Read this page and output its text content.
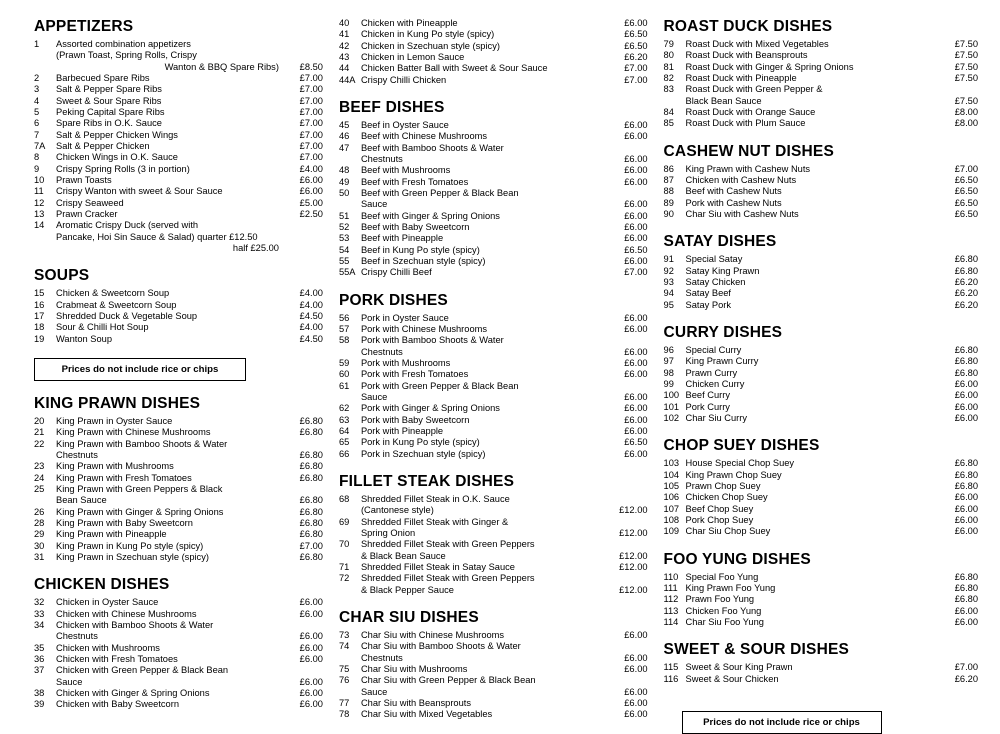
APPETIZERS
1	Assorted combination appetizers	
	(Prawn Toast, Spring Rolls, Crispy	
	Wanton & BBQ Spare Ribs)	£8.50
2	Barbecued Spare Ribs	£7.00
3	Salt & Pepper Spare Ribs	£7.00
4	Sweet & Sour Spare Ribs	£7.00
5	Peking Capital Spare Ribs	£7.00
6	Spare Ribs in O.K. Sauce	£7.00
7	Salt & Pepper Chicken Wings	£7.00
7A	Salt & Pepper Chicken	£7.00
8	Chicken Wings in O.K. Sauce	£7.00
9	Crispy Spring Rolls (3 in portion)	£4.00
10	Prawn Toasts	£6.00
11	Crispy Wanton with sweet & Sour Sauce	£6.00
12	Crispy Seaweed	£5.00
13	Prawn Cracker	£2.50
14	Aromatic Crispy Duck (served with	
	Pancake, Hoi Sin Sauce & Salad) quarter £12.50	
	half £25.00	
SOUPS
15	Chicken & Sweetcorn Soup	£4.00
16	Crabmeat & Sweetcorn Soup	£4.00
17	Shredded Duck & Vegetable Soup	£4.50
18	Sour & Chilli Hot Soup	£4.00
19	Wanton Soup	£4.50
Prices do not include rice or chips
KING PRAWN DISHES
20	King Prawn in Oyster Sauce	£6.80
21	King Prawn with Chinese Mushrooms	£6.80
22	King Prawn with Bamboo Shoots & Water	
	Chestnuts	£6.80
23	King Prawn with Mushrooms	£6.80
24	King Prawn with Fresh Tomatoes	£6.80
25	King Prawn with Green Peppers & Black	
	Bean Sauce	£6.80
26	King Prawn with Ginger & Spring Onions	£6.80
28	King Prawn with Baby Sweetcorn	£6.80
29	King Prawn with Pineapple	£6.80
30	King Prawn in Kung Po style (spicy)	£7.00
31	King Prawn in Szechuan style (spicy)	£6.80
CHICKEN DISHES
32	Chicken in Oyster Sauce	£6.00
33	Chicken with Chinese Mushrooms	£6.00
34	Chicken with Bamboo Shoots & Water	
	Chestnuts	£6.00
35	Chicken with Mushrooms	£6.00
36	Chicken with Fresh Tomatoes	£6.00
37	Chicken with Green Pepper & Black Bean	
	Sauce	£6.00
38	Chicken with Ginger & Spring Onions	£6.00
39	Chicken with Baby Sweetcorn	£6.00
40	Chicken with Pineapple	£6.00
41	Chicken in Kung Po style (spicy)	£6.50
42	Chicken in Szechuan style (spicy)	£6.50
43	Chicken in Lemon Sauce	£6.20
44	Chicken Batter Ball with Sweet & Sour Sauce	£7.00
44A	Crispy Chilli Chicken	£7.00
BEEF DISHES
45	Beef in Oyster Sauce	£6.00
46	Beef with Chinese Mushrooms	£6.00
47	Beef with Bamboo Shoots & Water	
	Chestnuts	£6.00
48	Beef with Mushrooms	£6.00
49	Beef with Fresh Tomatoes	£6.00
50	Beef with Green Pepper & Black Bean	
	Sauce	£6.00
51	Beef with Ginger & Spring Onions	£6.00
52	Beef with Baby Sweetcorn	£6.00
53	Beef with Pineapple	£6.00
54	Beef in Kung Po style (spicy)	£6.50
55	Beef in Szechuan style (spicy)	£6.00
55A	Crispy Chilli Beef	£7.00
PORK DISHES
56	Pork in Oyster Sauce	£6.00
57	Pork with Chinese Mushrooms	£6.00
58	Pork with Bamboo Shoots & Water	
	Chestnuts	£6.00
59	Pork with Mushrooms	£6.00
60	Pork with Fresh Tomatoes	£6.00
61	Pork with Green Pepper & Black Bean	
	Sauce	£6.00
62	Pork with Ginger & Spring Onions	£6.00
63	Pork with Baby Sweetcorn	£6.00
64	Pork with Pineapple	£6.00
65	Pork in Kung Po style (spicy)	£6.50
66	Pork in Szechuan style (spicy)	£6.00
FILLET STEAK DISHES
68	Shredded Fillet Steak in O.K. Sauce	
	(Cantonese style)	£12.00
69	Shredded Fillet Steak with Ginger &	
	Spring Onion	£12.00
70	Shredded Fillet Steak with Green Peppers	
	& Black Bean Sauce	£12.00
71	Shredded Fillet Steak in Satay Sauce	£12.00
72	Shredded Fillet Steak with Green Peppers	
	& Black Pepper Sauce	£12.00
CHAR SIU DISHES
73	Char Siu with Chinese Mushrooms	£6.00
74	Char Siu with Bamboo Shoots & Water	
	Chestnuts	£6.00
75	Char Siu with Mushrooms	£6.00
76	Char Siu with Green Pepper & Black Bean	
	Sauce	£6.00
77	Char Siu with Beansprouts	£6.00
78	Char Siu with Mixed Vegetables	£6.00
ROAST DUCK DISHES
79	Roast Duck with Mixed Vegetables	£7.50
80	Roast Duck with Beansprouts	£7.50
81	Roast Duck with Ginger & Spring Onions	£7.50
82	Roast Duck with Pineapple	£7.50
83	Roast Duck with Green Pepper &	
	Black Bean Sauce	£7.50
84	Roast Duck with Orange Sauce	£8.00
85	Roast Duck with Plum Sauce	£8.00
CASHEW NUT DISHES
86	King Prawn with Cashew Nuts	£7.00
87	Chicken with Cashew Nuts	£6.50
88	Beef with Cashew Nuts	£6.50
89	Pork with Cashew Nuts	£6.50
90	Char Siu with Cashew Nuts	£6.50
SATAY DISHES
91	Special Satay	£6.80
92	Satay King Prawn	£6.80
93	Satay Chicken	£6.20
94	Satay Beef	£6.20
95	Satay Pork	£6.20
CURRY DISHES
96	Special Curry	£6.80
97	King Prawn Curry	£6.80
98	Prawn Curry	£6.80
99	Chicken Curry	£6.00
100	Beef Curry	£6.00
101	Pork Curry	£6.00
102	Char Siu Curry	£6.00
CHOP SUEY DISHES
103	House Special Chop Suey	£6.80
104	King Prawn Chop Suey	£6.80
105	Prawn Chop Suey	£6.80
106	Chicken Chop Suey	£6.00
107	Beef Chop Suey	£6.00
108	Pork Chop Suey	£6.00
109	Char Siu Chop Suey	£6.00
FOO YUNG DISHES
110	Special Foo Yung	£6.80
111	King Prawn Foo Yung	£6.80
112	Prawn Foo Yung	£6.80
113	Chicken Foo Yung	£6.00
114	Char Siu Foo Yung	£6.00
SWEET & SOUR DISHES
115	Sweet & Sour King Prawn	£7.00
116	Sweet & Sour Chicken	£6.20
Prices do not include rice or chips
